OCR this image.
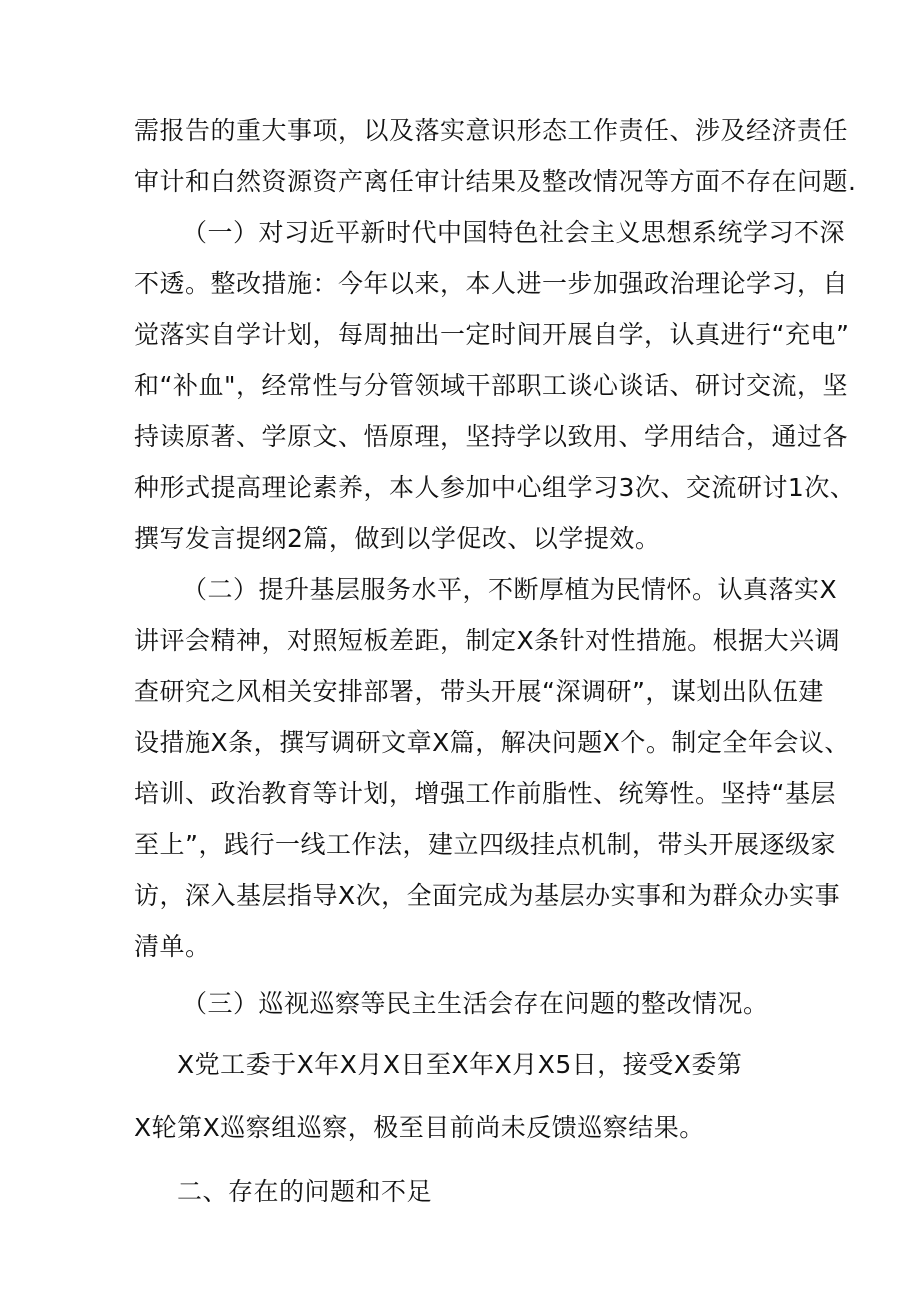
需报告的重大事项，以及落实意识形态工作责任、涉及经济责任
审计和白然资源资产离任审计结果及整改情况等方面不存在问题.
（一）对习近平新时代中国特色社会主义思想系统学习不深
不透。整改措施：今年以来，本人进一步加强政治理论学习，自
觉落实自学计划，每周抽出一定时间开展自学，认真进行“充电”
和“补血"，经常性与分管领域干部职工谈心谈话、研讨交流，坚
持读原著、学原文、悟原理，坚持学以致用、学用结合，通过各
种形式提高理论素养，本人参加中心组学习3次、交流研讨1次、
撰写发言提纲2篇，做到以学促改、以学提效。
（二）提升基层服务水平，不断厚植为民情怀。认真落实X
讲评会精神，对照短板差距，制定X条针对性措施。根据大兴调
查研究之风相关安排部署，带头开展“深调研”，谋划出队伍建
设措施X条，撰写调研文章X篇，解决问题X个。制定全年会议、
培训、政治教育等计划，增强工作前脂性、统筹性。坚持“基层
至上”，践行一线工作法，建立四级挂点机制，带头开展逐级家
访，深入基层指导X次，全面完成为基层办实事和为群众办实事
清单。
（三）巡视巡察等民主生活会存在问题的整改情况。
X党工委于X年X月X日至X年X月X5日，接受X委第
X轮第X巡察组巡察，极至目前尚未反馈巡察结果。
二、存在的问题和不足
